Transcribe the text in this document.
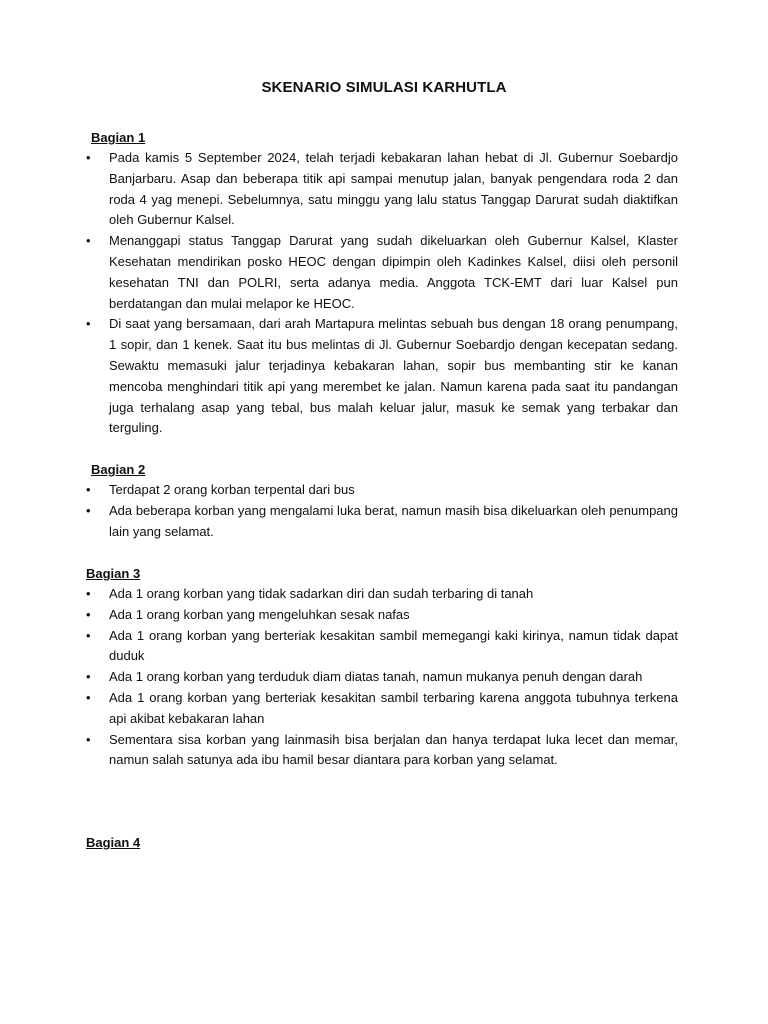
SKENARIO SIMULASI KARHUTLA

Bagian 1

•	Pada kamis 5 September 2024, telah terjadi kebakaran lahan hebat di Jl. Gubernur Soebardjo Banjarbaru. Asap dan beberapa titik api sampai menutup jalan, banyak pengendara roda 2 dan roda 4 yag menepi. Sebelumnya, satu minggu yang lalu status Tanggap Darurat sudah diaktifkan oleh Gubernur Kalsel.
•	Menanggapi status Tanggap Darurat yang sudah dikeluarkan oleh Gubernur Kalsel, Klaster Kesehatan mendirikan posko HEOC dengan dipimpin oleh Kadinkes Kalsel, diisi oleh personil kesehatan TNI dan POLRI, serta adanya media. Anggota TCK-EMT dari luar Kalsel pun berdatangan dan mulai melapor ke HEOC.
•	Di saat yang bersamaan, dari arah Martapura melintas sebuah bus dengan 18 orang penumpang, 1 sopir, dan 1 kenek. Saat itu bus melintas di Jl. Gubernur Soebardjo dengan kecepatan sedang. Sewaktu memasuki jalur terjadinya kebakaran lahan, sopir bus membanting stir ke kanan mencoba menghindari titik api yang merembet ke jalan. Namun karena pada saat itu pandangan juga terhalang asap yang tebal, bus malah keluar jalur, masuk ke semak yang terbakar dan terguling.

Bagian 2

•	Terdapat 2 orang korban terpental dari bus
•	Ada beberapa korban yang mengalami luka berat, namun masih bisa dikeluarkan oleh penumpang lain yang selamat.

Bagian 3

•	Ada 1 orang korban yang tidak sadarkan diri dan sudah terbaring di tanah
•	Ada 1 orang korban yang mengeluhkan sesak nafas
•	Ada 1 orang korban yang berteriak kesakitan sambil memegangi kaki kirinya, namun tidak dapat duduk
•	Ada 1 orang korban yang terduduk diam diatas tanah, namun mukanya penuh dengan darah
•	Ada 1 orang korban yang berteriak kesakitan sambil terbaring karena anggota tubuhnya terkena api akibat kebakaran lahan
•	Sementara sisa korban yang lainmasih bisa berjalan dan hanya terdapat luka lecet dan memar, namun salah satunya ada ibu hamil besar diantara para korban yang selamat.

Bagian 4
